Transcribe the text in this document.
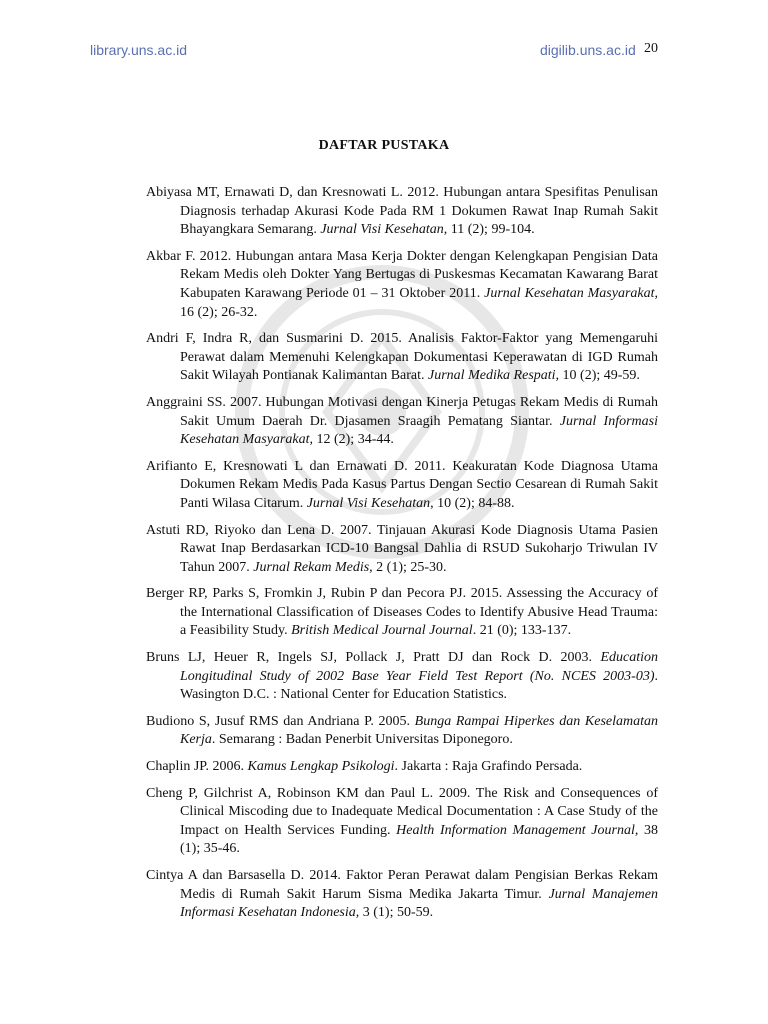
library.uns.ac.id	digilib.uns.ac.id 20
DAFTAR PUSTAKA

Abiyasa MT, Ernawati D, dan Kresnowati L. 2012. Hubungan antara Spesifitas Penulisan Diagnosis terhadap Akurasi Kode Pada RM 1 Dokumen Rawat Inap Rumah Sakit Bhayangkara Semarang. Jurnal Visi Kesehatan, 11 (2); 99-104.

Akbar F. 2012. Hubungan antara Masa Kerja Dokter dengan Kelengkapan Pengisian Data Rekam Medis oleh Dokter Yang Bertugas di Puskesmas Kecamatan Kawarang Barat Kabupaten Karawang Periode 01 – 31 Oktober 2011. Jurnal Kesehatan Masyarakat, 16 (2); 26-32.

Andri F, Indra R, dan Susmarini D. 2015. Analisis Faktor-Faktor yang Memengaruhi Perawat dalam Memenuhi Kelengkapan Dokumentasi Keperawatan di IGD Rumah Sakit Wilayah Pontianak Kalimantan Barat. Jurnal Medika Respati, 10 (2); 49-59.

Anggraini SS. 2007. Hubungan Motivasi dengan Kinerja Petugas Rekam Medis di Rumah Sakit Umum Daerah Dr. Djasamen Sraagih Pematang Siantar. Jurnal Informasi Kesehatan Masyarakat, 12 (2); 34-44.

Arifianto E, Kresnowati L dan Ernawati D. 2011. Keakuratan Kode Diagnosa Utama Dokumen Rekam Medis Pada Kasus Partus Dengan Sectio Cesarean di Rumah Sakit Panti Wilasa Citarum. Jurnal Visi Kesehatan, 10 (2); 84-88.

Astuti RD, Riyoko dan Lena D. 2007. Tinjauan Akurasi Kode Diagnosis Utama Pasien Rawat Inap Berdasarkan ICD-10 Bangsal Dahlia di RSUD Sukoharjo Triwulan IV Tahun 2007. Jurnal Rekam Medis, 2 (1); 25-30.

Berger RP, Parks S, Fromkin J, Rubin P dan Pecora PJ. 2015. Assessing the Accuracy of the International Classification of Diseases Codes to Identify Abusive Head Trauma: a Feasibility Study. British Medical Journal Journal. 21 (0); 133-137.

Bruns LJ, Heuer R, Ingels SJ, Pollack J, Pratt DJ dan Rock D. 2003. Education Longitudinal Study of 2002 Base Year Field Test Report (No. NCES 2003-03). Wasington D.C. : National Center for Education Statistics.

Budiono S, Jusuf RMS dan Andriana P. 2005. Bunga Rampai Hiperkes dan Keselamatan Kerja. Semarang : Badan Penerbit Universitas Diponegoro.

Chaplin JP. 2006. Kamus Lengkap Psikologi. Jakarta : Raja Grafindo Persada.

Cheng P, Gilchrist A, Robinson KM dan Paul L. 2009. The Risk and Consequences of Clinical Miscoding due to Inadequate Medical Documentation : A Case Study of the Impact on Health Services Funding. Health Information Management Journal, 38 (1); 35-46.

Cintya A dan Barsasella D. 2014. Faktor Peran Perawat dalam Pengisian Berkas Rekam Medis di Rumah Sakit Harum Sisma Medika Jakarta Timur. Jurnal Manajemen Informasi Kesehatan Indonesia, 3 (1); 50-59.
